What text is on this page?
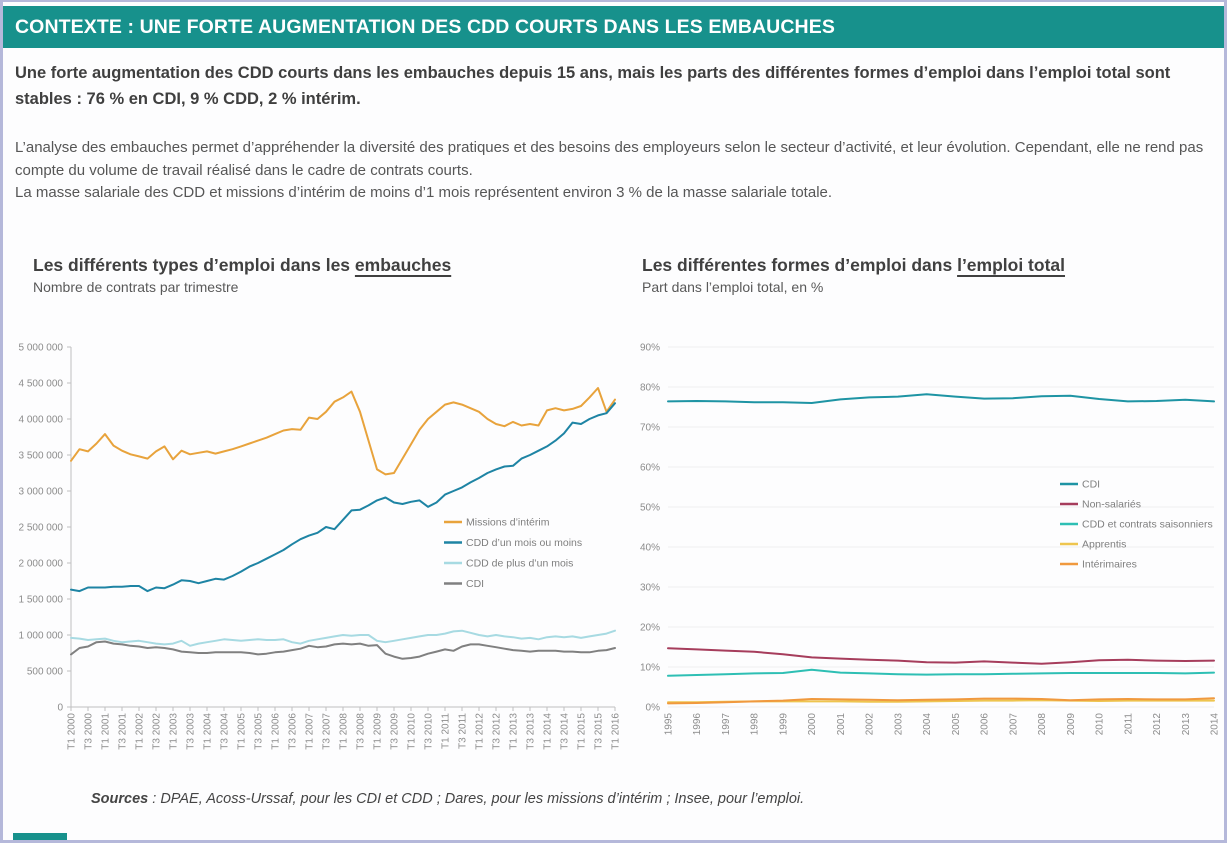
CONTEXTE : UNE FORTE AUGMENTATION DES CDD COURTS DANS LES EMBAUCHES
Une forte augmentation des CDD courts dans les embauches depuis 15 ans, mais les parts des différentes formes d’emploi dans l’emploi total sont stables : 76 % en CDI, 9 % CDD, 2 % intérim.
L’analyse des embauches permet d’appréhender la diversité des pratiques et des besoins des employeurs selon le secteur d’activité, et leur évolution. Cependant, elle ne rend pas compte du volume de travail réalisé dans le cadre de contrats courts.
La masse salariale des CDD et missions d’intérim de moins d’1 mois représentent environ 3 % de la masse salariale totale.
Les différents types d’emploi dans les embauches
Nombre de contrats par trimestre
0
500 000
1 000 000
1 500 000
2 000 000
2 500 000
3 000 000
3 500 000
4 000 000
4 500 000
5 000 000
T1 2000 T3 2000 T1 2001 T3 2001 T1 2002 T3 2002 T1 2003 T3 2003 T1 2004 T3 2004 T1 2005 T3 2005 T1 2006 T3 2006 T1 2007 T3 2007 T1 2008 T3 2008 T1 2009 T3 2009 T1 2010 T3 2010 T1 2011 T3 2011 T1 2012 T3 2012 T1 2013 T3 2013 T1 2014 T3 2014 T1 2015 T3 2015 T1 2016
Missions d’intérim
CDD d’un mois ou moins
CDD de plus d’un mois
CDI
Les différentes formes d’emploi dans l’emploi total
Part dans l’emploi total, en %
0%
10%
20%
30%
40%
50%
60%
70%
80%
90%
1995 1996 1997 1998 1999 2000 2001 2002 2003 2004 2005 2006 2007 2008 2009 2010 2011 2012 2013 2014
CDI
Non-salariés
CDD et contrats saisonniers
Apprentis
Intérimaires
Sources : DPAE, Acoss-Urssaf, pour les CDI et CDD ; Dares, pour les missions d’intérim ; Insee, pour l’emploi.
